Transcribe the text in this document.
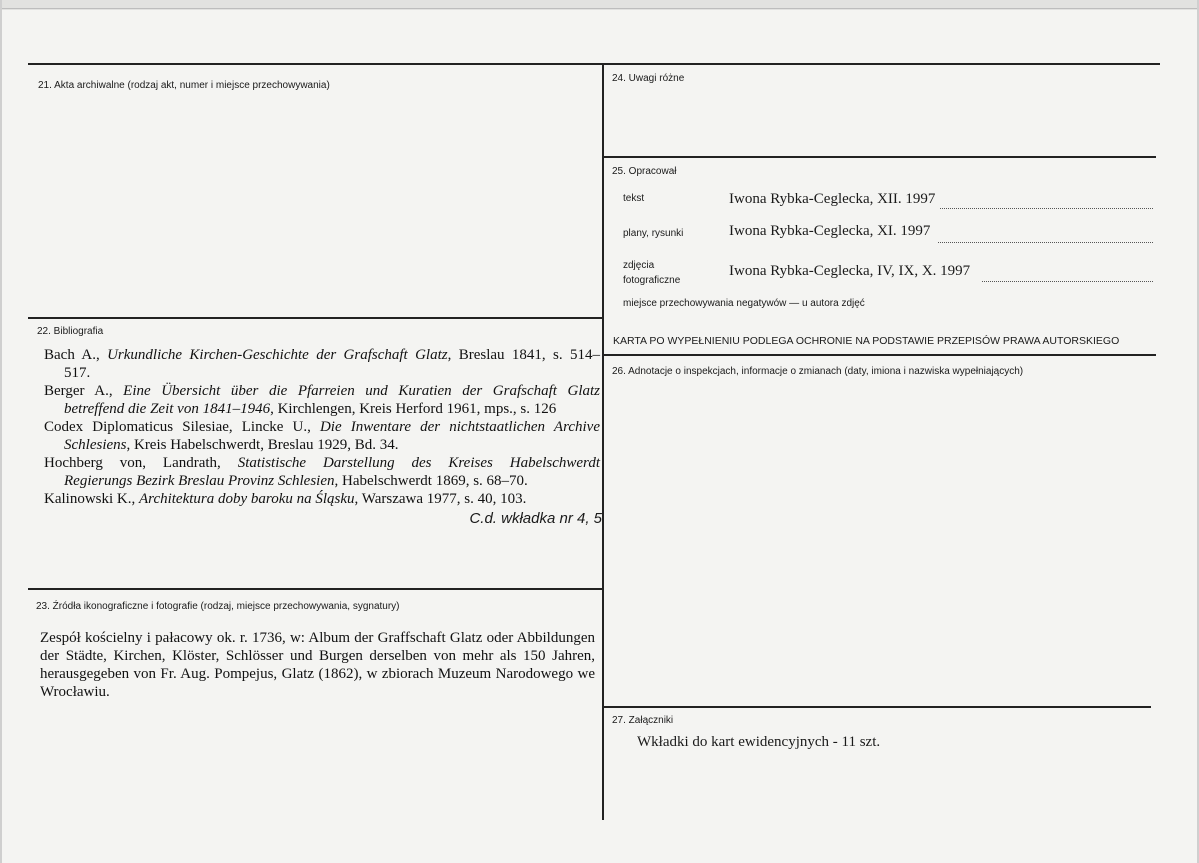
21. Akta archiwalne (rodzaj akt, numer i miejsce przechowywania)
22. Bibliografia
Bach A., Urkundliche Kirchen-Geschichte der Grafschaft Glatz, Breslau 1841, s. 514–
517.
Berger A., Eine Übersicht über die Pfarreien und Kuratien der Grafschaft Glatz
betreffend die Zeit von 1841–1946, Kirchlengen, Kreis Herford 1961, mps., s. 126
Codex Diplomaticus Silesiae, Lincke U., Die Inwentare der nichtstaatlichen Archive
Schlesiens, Kreis Habelschwerdt, Breslau 1929, Bd. 34.
Hochberg von, Landrath, Statistische Darstellung des Kreises Habelschwerdt
Regierungs Bezirk Breslau Provinz Schlesien, Habelschwerdt 1869, s. 68–70.
Kalinowski K., Architektura doby baroku na Śląsku, Warszawa 1977, s. 40, 103.
C.d. wkładka nr 4, 5
23. Źródła ikonograficzne i fotografie (rodzaj, miejsce przechowywania, sygnatury)
Zespół kościelny i pałacowy ok. r. 1736, w: Album der Graffschaft Glatz oder Abbildungen der Städte, Kirchen, Klöster, Schlösser und Burgen derselben von mehr als 150 Jahren, herausgegeben von Fr. Aug. Pompejus, Glatz (1862), w zbiorach Muzeum Narodowego we Wrocławiu.
24. Uwagi różne
25. Opracował
tekst	Iwona Rybka-Ceglecka, XII. 1997
plany, rysunki	Iwona Rybka-Ceglecka, XI. 1997
zdjęcia
fotograficzne
Iwona Rybka-Ceglecka, IV, IX, X. 1997
miejsce przechowywania negatywów — u autora zdjęć
KARTA PO WYPEŁNIENIU PODLEGA OCHRONIE NA PODSTAWIE PRZEPISÓW PRAWA AUTORSKIEGO
26. Adnotacje o inspekcjach, informacje o zmianach (daty, imiona i nazwiska wypełniających)
27. Załączniki
Wkładki do kart ewidencyjnych - 11 szt.
